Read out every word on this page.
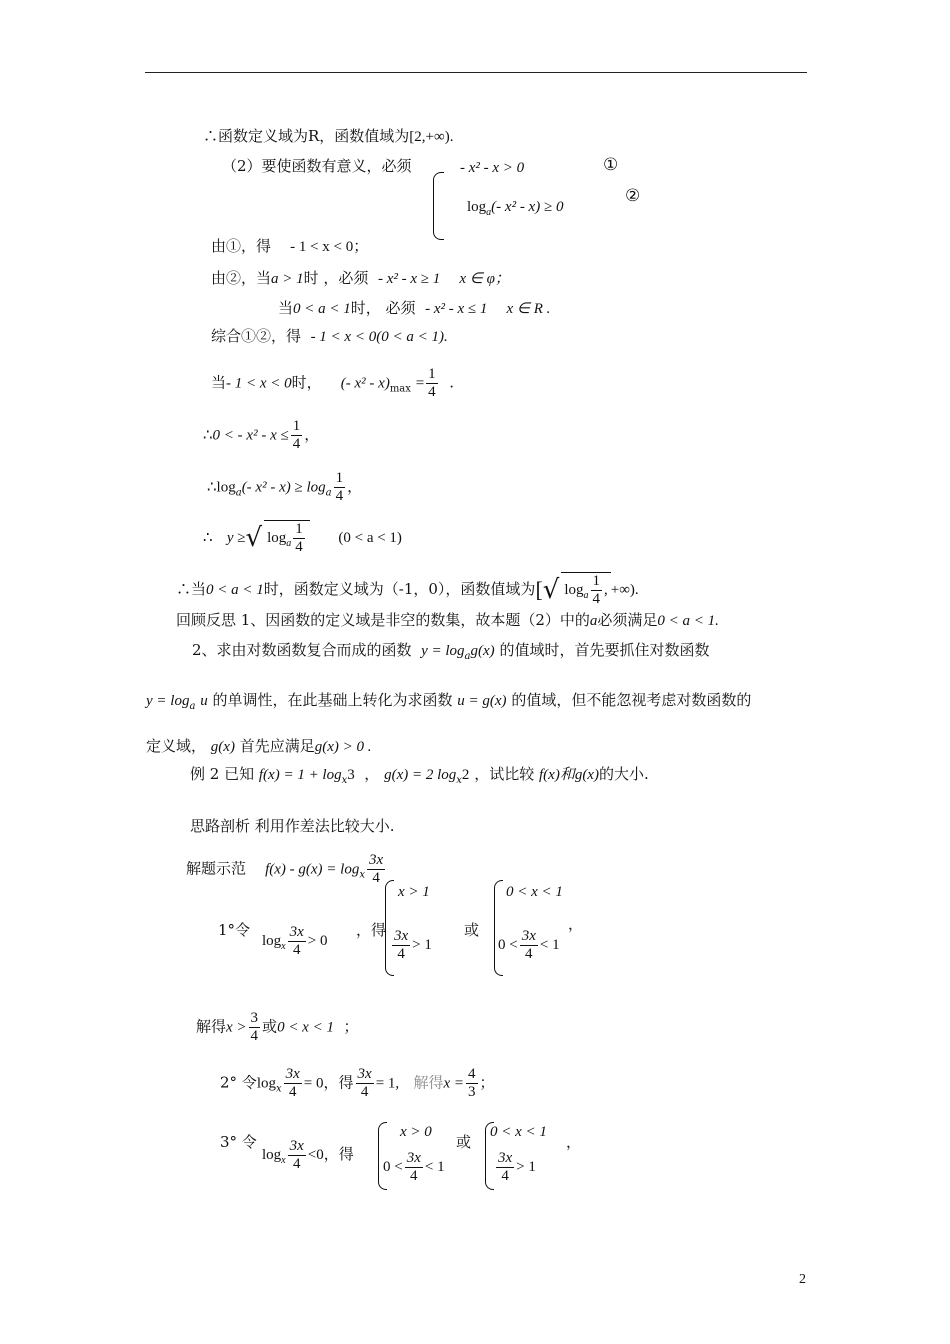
∴函数定义域为R，函数值域为[2,+∞).
（2）要使函数有意义，必须	- x² - x > 0	①
$\log_a(-$ x² - x) ≥ 0
②
由①，得 - 1 < x < 0；
由②，当a > 1时 ，必须 - x² - x ≥ 1 x ∈ φ；
当0 < a < 1时， 必须 - x² - x ≤ 1 x ∈ R .
综合①②，得 - 1 < x < 0(0 < a < 1).
当- 1 < x < 0时， (- $x^2 - x)_{max} = \frac{1}{4}$ .
∴0 < - $x^2 - x \le \frac{1}{4}$ ，
$\therefore\log_a(-$ $x^2 - x) \ge \log_a \frac{1}{4}$ ，
∴ y ≥√ $\log_a \frac{1}{4} (0 < a < 1)$
∴当0 < a < 1时，函数定义域为（-1，0），函数值域为[√ $\log_a \frac{1}{4}$ , +∞).
回顾反思 1、因函数的定义域是非空的数集，故本题（2）中的a必须满足0 < a < 1.
2、求由对数函数复合而成的函数 $y = \log_ag(x)$ 的值域时，首先要抓住对数函数
$y = \log_a u$ 的单调性，在此基础上转化为求函数 u = g(x) 的值域，但不能忽视考虑对数函数的
定义域， g(x) 首先应满足g(x) > 0 .
例 2 已知 $f(x) = 1 + \log_x3$ ， g(x) = 2 $\log_x2$ ，试比较 f(x)和g(x)的大小.
思路剖析 利用作差法比较大小.
解题示范 $f(x) - g(x) = \log_x \frac{3x}{4}$
1°令
$\log_x \frac{3x}{4} > 0$
，得
x > 1
$\frac{3x}{4} > 1$
或
0 < x < 1
$0 < \frac{3x}{4} < 1$
，
解得$x > \frac{3}{4}$ 或0 < x < 1 ；
2° 令$\log_x \frac{3x}{4} = 0$，得 $\frac{3x}{4} = 1$, 解得$x = \frac{4}{3}$ ；
3° 令
$\log_x \frac{3x}{4} <0$，得
x > 0
$0 < \frac{3x}{4} < 1$
或
0 < x < 1
$\frac{3x}{4} > 1$
，
2
